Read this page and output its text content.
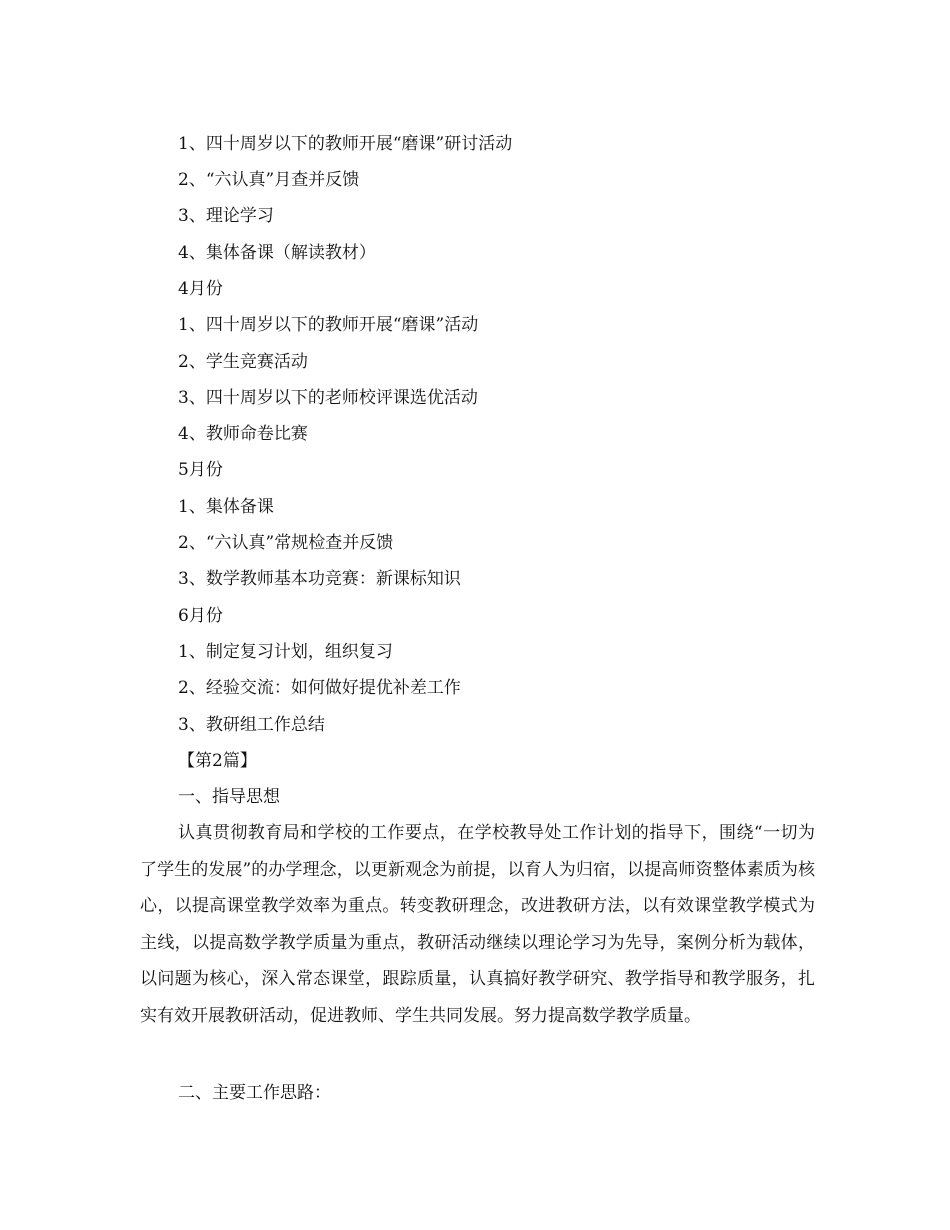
1、四十周岁以下的教师开展“磨课”研讨活动
2、“六认真”月查并反馈
3、理论学习
4、集体备课（解读教材）
4月份
1、四十周岁以下的教师开展“磨课”活动
2、学生竞赛活动
3、四十周岁以下的老师校评课选优活动
4、教师命卷比赛
5月份
1、集体备课
2、“六认真”常规检查并反馈
3、数学教师基本功竞赛：新课标知识
6月份
1、制定复习计划，组织复习
2、经验交流：如何做好提优补差工作
3、教研组工作总结
【第2篇】
一、指导思想
认真贯彻教育局和学校的工作要点，在学校教导处工作计划的指导下，围绕“一切为了学生的发展”的办学理念，以更新观念为前提，以育人为归宿，以提高师资整体素质为核心，以提高课堂教学效率为重点。转变教研理念，改进教研方法，以有效课堂教学模式为主线，以提高数学教学质量为重点，教研活动继续以理论学习为先导，案例分析为载体，以问题为核心，深入常态课堂，跟踪质量，认真搞好教学研究、教学指导和教学服务，扎实有效开展教研活动，促进教师、学生共同发展。努力提高数学教学质量。
二、主要工作思路：
